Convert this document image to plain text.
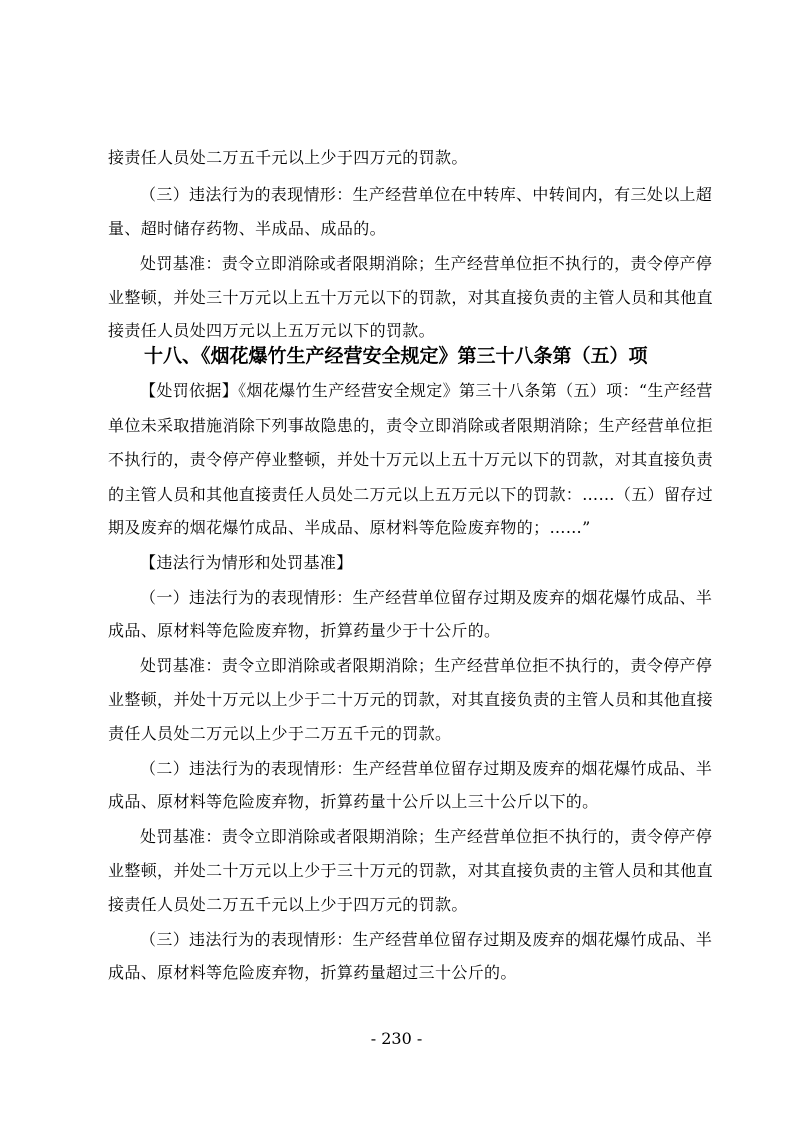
接责任人员处二万五千元以上少于四万元的罚款。
（三）违法行为的表现情形：生产经营单位在中转库、中转间内，有三处以上超
量、超时储存药物、半成品、成品的。
处罚基准：责令立即消除或者限期消除；生产经营单位拒不执行的，责令停产停
业整顿，并处三十万元以上五十万元以下的罚款，对其直接负责的主管人员和其他直
接责任人员处四万元以上五万元以下的罚款。
十八、《烟花爆竹生产经营安全规定》第三十八条第（五）项
【处罚依据】《烟花爆竹生产经营安全规定》第三十八条第（五）项：“生产经营
单位未采取措施消除下列事故隐患的，责令立即消除或者限期消除；生产经营单位拒
不执行的，责令停产停业整顿，并处十万元以上五十万元以下的罚款，对其直接负责
的主管人员和其他直接责任人员处二万元以上五万元以下的罚款：……（五）留存过
期及废弃的烟花爆竹成品、半成品、原材料等危险废弃物的；……”
【违法行为情形和处罚基准】
（一）违法行为的表现情形：生产经营单位留存过期及废弃的烟花爆竹成品、半
成品、原材料等危险废弃物，折算药量少于十公斤的。
处罚基准：责令立即消除或者限期消除；生产经营单位拒不执行的，责令停产停
业整顿，并处十万元以上少于二十万元的罚款，对其直接负责的主管人员和其他直接
责任人员处二万元以上少于二万五千元的罚款。
（二）违法行为的表现情形：生产经营单位留存过期及废弃的烟花爆竹成品、半
成品、原材料等危险废弃物，折算药量十公斤以上三十公斤以下的。
处罚基准：责令立即消除或者限期消除；生产经营单位拒不执行的，责令停产停
业整顿，并处二十万元以上少于三十万元的罚款，对其直接负责的主管人员和其他直
接责任人员处二万五千元以上少于四万元的罚款。
（三）违法行为的表现情形：生产经营单位留存过期及废弃的烟花爆竹成品、半
成品、原材料等危险废弃物，折算药量超过三十公斤的。
- 230 -
